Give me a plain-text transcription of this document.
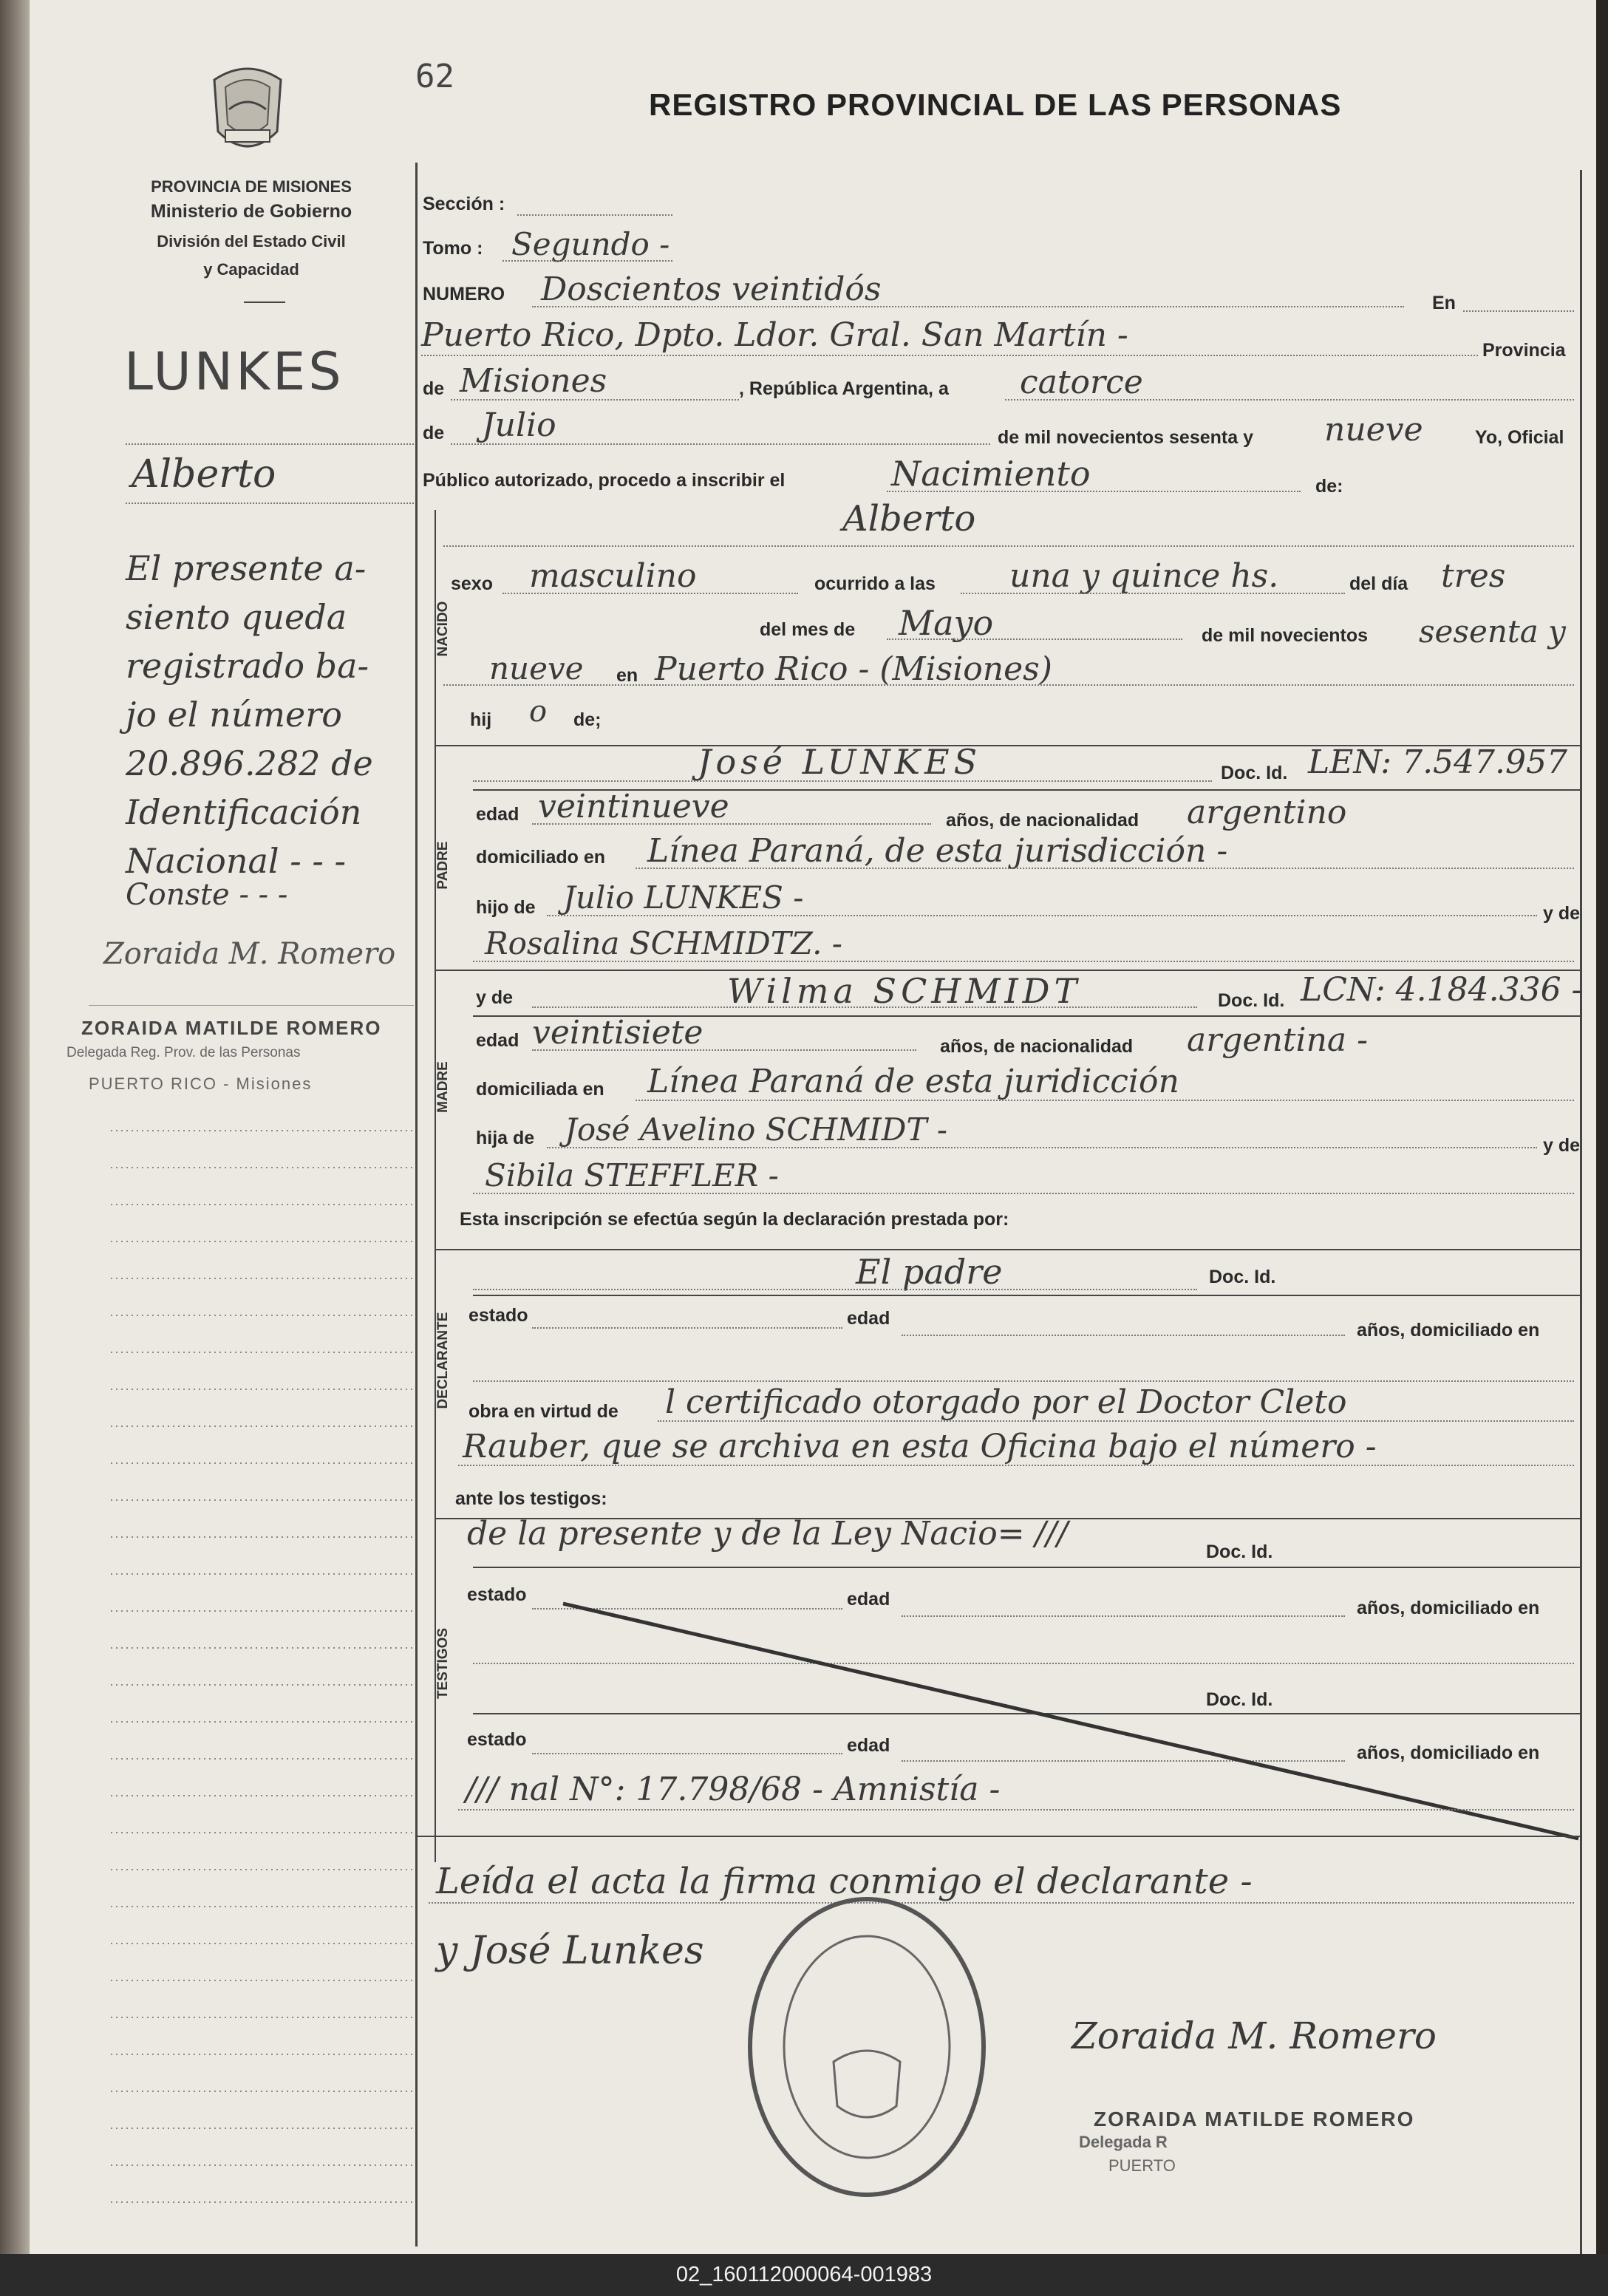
62
REGISTRO PROVINCIAL DE LAS PERSONAS
PROVINCIA DE MISIONES
Ministerio de Gobierno
División del Estado Civil
y Capacidad
LUNKES
Alberto
El presente a-
siento queda
registrado ba-
jo el número
20.896.282 de
Identificación
Nacional - - -
Conste - - -
Zoraida M. Romero
ZORAIDA MATILDE ROMERO
Delegada Reg. Prov. de las Personas
PUERTO RICO - Misiones
Sección :
Tomo : Segundo -
NUMERO Doscientos veintidós	En
Puerto Rico, Dpto. Ldor. Gral. San Martín -	Provincia
de Misiones	, República Argentina, a catorce
de Julio	de mil novecientos sesenta y nueve	Yo, Oficial
Público autorizado, procedo a inscribir el	Nacimiento	de:
Alberto
NACIDO
sexo masculino	ocurrido a las una y quince hs.	del día tres
del mes de Mayo	de mil novecientos sesenta y
nueve en Puerto Rico - (Misiones)
hij o de;
PADRE
José LUNKES	Doc. Id. LEN: 7.547.957
edad veintinueve	años, de nacionalidad argentino
domiciliado en Línea Paraná, de esta jurisdicción -
hijo de Julio LUNKES -	y de
Rosalina SCHMIDTZ. -
MADRE
y de	Wilma SCHMIDT	Doc. Id. LCN: 4.184.336 -
edad veintisiete	años, de nacionalidad argentina -
domiciliada en Línea Paraná de esta juridicción
hija de José Avelino SCHMIDT -	y de
Sibila STEFFLER -
Esta inscripción se efectúa según la declaración prestada por:
DECLARANTE
El padre	Doc. Id.
estado	edad
años, domiciliado en
obra en virtud de l certificado otorgado por el Doctor Cleto
Rauber, que se archiva en esta Oficina bajo el número -
ante los testigos:
TESTIGOS
de la presente y de la Ley Nacio= ///	Doc. Id.
estado	edad	años, domiciliado en
Doc. Id.
estado	edad	años, domiciliado en
/// nal N°: 17.798/68 - Amnistía -
Leída el acta la firma conmigo el declarante -
y José Lunkes
Zoraida M. Romero
ZORAIDA MATILDE ROMERO
Delegada R
PUERTO
02_160112000064-001983
